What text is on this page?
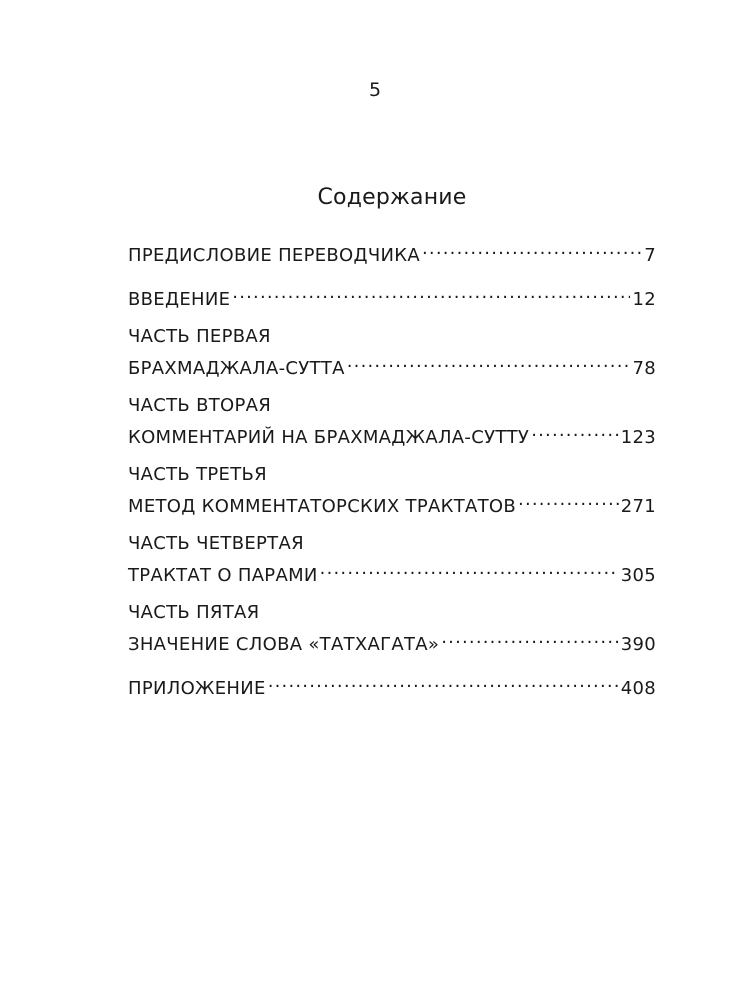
5
Содержание
ПРЕДИСЛОВИЕ ПЕРЕВОДЧИКА .....	7
ВВЕДЕНИЕ .....	12
ЧАСТЬ ПЕРВАЯ
БРАХМАДЖАЛА-СУТТА .....	78
ЧАСТЬ ВТОРАЯ
КОММЕНТАРИЙ НА БРАХМАДЖАЛА-СУТТУ .....	123
ЧАСТЬ ТРЕТЬЯ
МЕТОД КОММЕНТАТОРСКИХ ТРАКТАТОВ .....	271
ЧАСТЬ ЧЕТВЕРТАЯ
ТРАКТАТ О ПАРАМИ .....	305
ЧАСТЬ ПЯТАЯ
ЗНАЧЕНИЕ СЛОВА «ТАТХАГАТА» .....	390
ПРИЛОЖЕНИЕ .....	408
